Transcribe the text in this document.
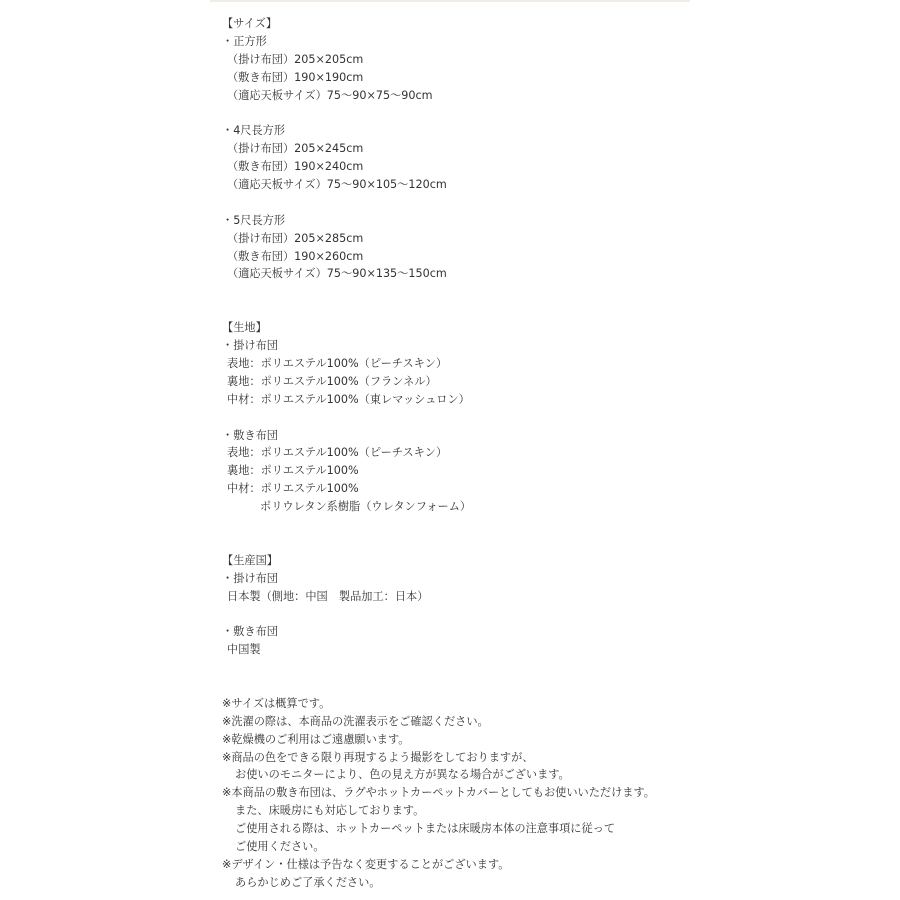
【サイズ】
・正方形
（掛け布団）205×205cm
（敷き布団）190×190cm
（適応天板サイズ）75〜90×75〜90cm
・4尺長方形
（掛け布団）205×245cm
（敷き布団）190×240cm
（適応天板サイズ）75〜90×105〜120cm
・5尺長方形
（掛け布団）205×285cm
（敷き布団）190×260cm
（適応天板サイズ）75〜90×135〜150cm
【生地】
・掛け布団
表地：ポリエステル100%（ピーチスキン）
裏地：ポリエステル100%（フランネル）
中材：ポリエステル100%（東レマッシュロン）
・敷き布団
表地：ポリエステル100%（ピーチスキン）
裏地：ポリエステル100%
中材：ポリエステル100%
ポリウレタン系樹脂（ウレタンフォーム）
【生産国】
・掛け布団
日本製（側地：中国　製品加工：日本）
・敷き布団
中国製
※サイズは概算です。
※洗濯の際は、本商品の洗濯表示をご確認ください。
※乾燥機のご利用はご遠慮願います。
※商品の色をできる限り再現するよう撮影をしておりますが、
お使いのモニターにより、色の見え方が異なる場合がございます。
※本商品の敷き布団は、ラグやホットカーペットカバーとしてもお使いいただけます。
また、床暖房にも対応しております。
ご使用される際は、ホットカーペットまたは床暖房本体の注意事項に従って
ご使用ください。
※デザイン・仕様は予告なく変更することがございます。
あらかじめご了承ください。
